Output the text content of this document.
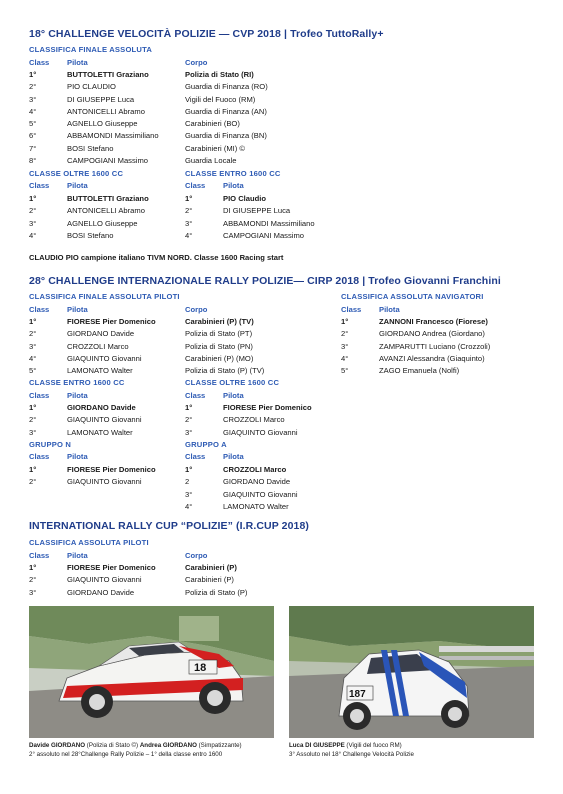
18° CHALLENGE VELOCITÀ POLIZIE — CVP 2018 | Trofeo TuttoRally+
CLASSIFICA FINALE ASSOLUTA
Class Pilota	Corpo
1°	BUTTOLETTI Graziano	Polizia di Stato (RI)
2°	PIO CLAUDIO	Guardia di Finanza (RO)
3°	DI GIUSEPPE Luca	Vigili del Fuoco (RM)
4°	ANTONICELLI Abramo	Guardia di Finanza (AN)
5°	AGNELLO Giuseppe	Carabinieri (BO)
6°	ABBAMONDI Massimiliano	Guardia di Finanza (BN)
7°	BOSI Stefano	Carabinieri (MI) ©
8°	CAMPOGIANI Massimo	Guardia Locale
CLASSE OLTRE 1600 CC
Class Pilota
1°	BUTTOLETTI Graziano
2°	ANTONICELLI Abramo
3°	AGNELLO Giuseppe
4°	BOSI Stefano
CLASSE ENTRO 1600 CC
Class Pilota
1°	PIO Claudio
2°	DI GIUSEPPE Luca
3°	ABBAMONDI Massimiliano
4°	CAMPOGIANI Massimo
CLAUDIO PIO campione italiano TIVM NORD. Classe 1600 Racing start
28° CHALLENGE INTERNAZIONALE RALLY POLIZIE— CIRP 2018 | Trofeo Giovanni Franchini
CLASSIFICA FINALE ASSOLUTA PILOTI
Class Pilota	Corpo
1°	FIORESE Pier Domenico	Carabinieri (P) (TV)
2°	GIORDANO Davide	Polizia di Stato (PT)
3°	CROZZOLI Marco	Polizia di Stato (PN)
4°	GIAQUINTO Giovanni	Carabinieri (P) (MO)
5°	LAMONATO Walter	Polizia di Stato (P) (TV)
CLASSIFICA ASSOLUTA NAVIGATORI
Class Pilota
1°	ZANNONI Francesco (Fiorese)
2°	GIORDANO Andrea (Giordano)
3°	ZAMPARUTTI Luciano (Crozzoli)
4°	AVANZI Alessandra (Giaquinto)
5°	ZAGO Emanuela (Nolfi)
CLASSE ENTRO 1600 CC
Class Pilota
1°	GIORDANO Davide
2°	GIAQUINTO Giovanni
3°	LAMONATO Walter
CLASSE OLTRE 1600 CC
Class Pilota
1°	FIORESE Pier Domenico
2°	CROZZOLI Marco
3°	GIAQUINTO Giovanni
GRUPPO N
Class Pilota
1°	FIORESE Pier Domenico
2°	GIAQUINTO Giovanni
GRUPPO A
Class Pilota
1°	CROZZOLI Marco
2	GIORDANO Davide
3°	GIAQUINTO Giovanni
4°	LAMONATO Walter
INTERNATIONAL RALLY CUP “POLIZIE” (I.R.CUP 2018)
CLASSIFICA ASSOLUTA PILOTI
Class Pilota	Corpo
1°	FIORESE Pier Domenico	Carabinieri (P)
2°	GIAQUINTO Giovanni	Carabinieri (P)
3°	GIORDANO Davide	Polizia di Stato (P)
18
Davide GIORDANO (Polizia di Stato ©) Andrea GIORDANO (Simpatizzante)
2° assoluto nel 28°Challenge Rally Polizie – 1° della classe entro 1600
187
Luca DI GIUSEPPE (Vigili del fuoco RM)
3° Assoluto nel 18° Challenge Velocità Polizie
